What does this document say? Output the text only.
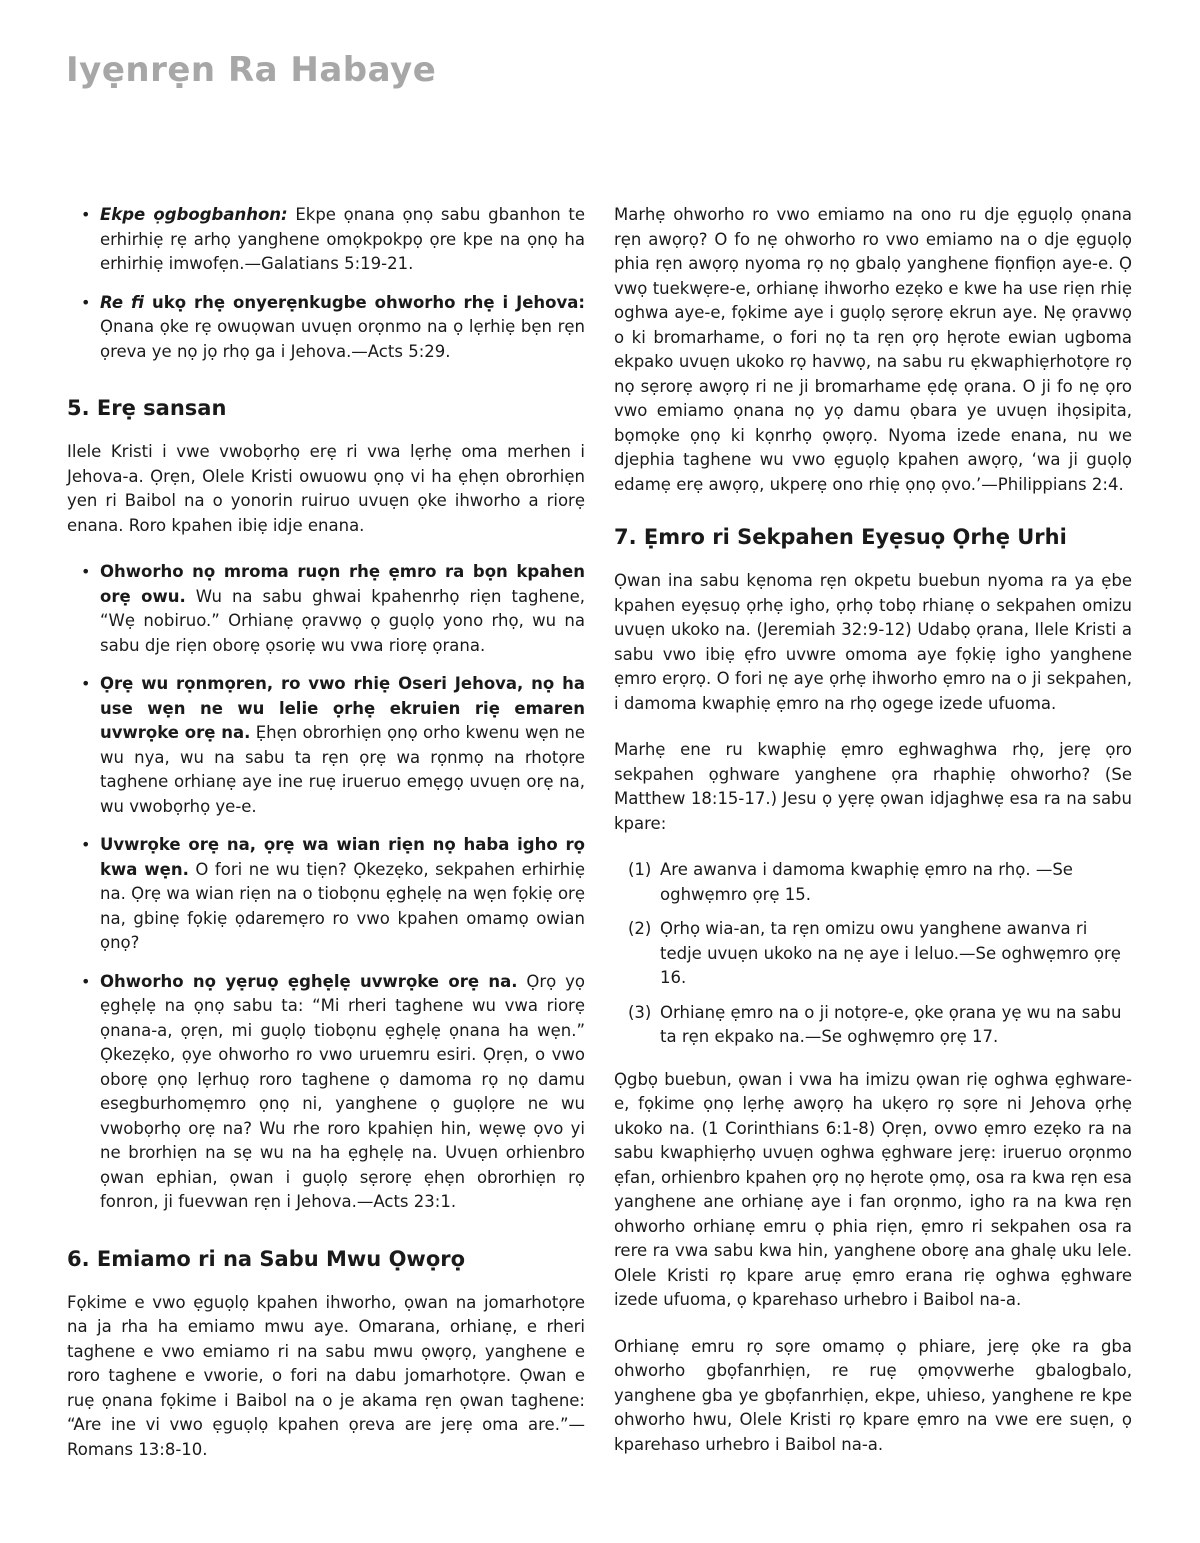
Iyẹnrẹn Ra Habaye
• Ekpe ọgbogbanhon: Ekpe ọnana ọnọ sabu gbanhon te erhirhiẹ rẹ arhọ yanghene omọkpokpọ ọre kpe na ọnọ ha erhirhiẹ imwofẹn.—Galatians 5:19-21.
• Re fi ukọ rhẹ onyerẹnkugbe ohworho rhẹ i Jehova: Ọnana ọke rẹ owuọwan uvuẹn orọnmo na ọ lẹrhiẹ bẹn rẹn ọreva ye nọ jọ rhọ ga i Jehova.—Acts 5:29.
5. Erẹ sansan

Ilele Kristi i vwe vwobọrhọ erẹ ri vwa lẹrhẹ oma merhen i Jehova-a. Ọrẹn, Olele Kristi owuowu ọnọ vi ha ẹhẹn obrorhiẹn yen ri Baibol na o yonorin ruiruo uvuẹn ọke ihworho a riorẹ enana. Roro kpahen ibiẹ idje enana.

• Ohworho nọ mroma ruọn rhẹ ẹmro ra bọn kpahen orẹ owu. Wu na sabu ghwai kpahenrhọ riẹn taghene, “Wẹ nobiruo.” Orhianẹ ọravwọ ọ guọlọ yono rhọ, wu na sabu dje riẹn oborẹ ọsoriẹ wu vwa riorẹ ọrana.
• Ọrẹ wu rọnmọren, ro vwo rhiẹ Oseri Jehova, nọ ha use wẹn ne wu lelie ọrhẹ ekruien riẹ emaren uvwrọke orẹ na. Ẹhẹn obrorhiẹn ọnọ orho kwenu wẹn ne wu nya, wu na sabu ta rẹn ọrẹ wa rọnmọ na rhotọre taghene orhianẹ aye ine ruẹ irueruo emẹgọ uvuẹn orẹ na, wu vwobọrhọ ye-e.
• Uvwrọke orẹ na, ọrẹ wa wian riẹn nọ haba igho rọ kwa wẹn. O fori ne wu tiẹn? Ọkezẹko, sekpahen erhirhiẹ na. Ọrẹ wa wian riẹn na o tiobọnu ẹghẹlẹ na wẹn fọkiẹ orẹ na, gbinẹ fọkiẹ ọdaremẹro ro vwo kpahen omamọ owian ọnọ?
• Ohworho nọ yẹruọ ẹghẹlẹ uvwrọke orẹ na. Ọrọ yọ ẹghẹlẹ na ọnọ sabu ta: “Mi rheri taghene wu vwa riorẹ ọnana-a, ọrẹn, mi guọlọ tiobọnu ẹghẹlẹ ọnana ha wẹn.” Ọkezẹko, ọye ohworho ro vwo uruemru esiri. Ọrẹn, o vwo oborẹ ọnọ lẹrhuọ roro taghene ọ damoma rọ nọ damu esegburhomẹmro ọnọ ni, yanghene ọ guọlọre ne wu vwobọrhọ orẹ na? Wu rhe roro kpahiẹn hin, wẹwẹ ọvo yi ne brorhiẹn na sẹ wu na ha ẹghẹlẹ na. Uvuẹn orhienbro ọwan ephian, ọwan i guọlọ sẹrorẹ ẹhẹn obrorhiẹn rọ fonron, ji fuevwan rẹn i Jehova.—Acts 23:1.
6. Emiamo ri na Sabu Mwu Ọwọrọ

Fọkime e vwo ẹguọlọ kpahen ihworho, ọwan na jomarhotọre na ja rha ha emiamo mwu aye. Omarana, orhianẹ, e rheri taghene e vwo emiamo ri na sabu mwu ọwọrọ, yanghene e roro taghene e vworie, o fori na dabu jomarhotọre. Ọwan e ruẹ ọnana fọkime i Baibol na o je akama rẹn ọwan taghene: “Are ine vi vwo ẹguọlọ kpahen ọreva are jerẹ oma are.”—Romans 13:8-10.

Marhẹ ohworho ro vwo emiamo na ono ru dje ẹguọlọ ọnana rẹn awọrọ? O fo nẹ ohworho ro vwo emiamo na o dje ẹguọlọ phia rẹn awọrọ nyoma rọ nọ gbalọ yanghene fiọnfiọn aye-e. Ọ vwọ tuekwẹre-e, orhianẹ ihworho ezẹko e kwe ha use riẹn rhiẹ oghwa aye-e, fọkime aye i guọlọ sẹrorẹ ekrun aye. Nẹ ọravwọ o ki bromarhame, o fori nọ ta rẹn ọrọ hẹrote ewian ugboma ekpako uvuẹn ukoko rọ havwọ, na sabu ru ẹkwaphiẹrhotọre rọ nọ sẹrorẹ awọrọ ri ne ji bromarhame ẹdẹ ọrana. O ji fo nẹ ọro vwo emiamo ọnana nọ yọ damu ọbara ye uvuẹn ihọsipita, bọmọke ọnọ ki kọnrhọ ọwọrọ. Nyoma izede enana, nu we djephia taghene wu vwo ẹguọlọ kpahen awọrọ, ‘wa ji guọlọ edamẹ erẹ awọrọ, ukperẹ ono rhiẹ ọnọ ọvo.’—Philippians 2:4.

7. Ẹmro ri Sekpahen Eyẹsuọ Ọrhẹ Urhi

Ọwan ina sabu kẹnoma rẹn okpetu buebun nyoma ra ya ẹbe kpahen eyẹsuọ ọrhẹ igho, ọrhọ tobọ rhianẹ o sekpahen omizu uvuẹn ukoko na. (Jeremiah 32:9-12) Udabọ ọrana, Ilele Kristi a sabu vwo ibiẹ ẹfro uvwre omoma aye fọkiẹ igho yanghene ẹmro erọrọ. O fori nẹ aye ọrhẹ ihworho ẹmro na o ji sekpahen, i damoma kwaphiẹ ẹmro na rhọ ogege izede ufuoma.

Marhẹ ene ru kwaphiẹ ẹmro eghwaghwa rhọ, jerẹ ọro sekpahen ọghware yanghene ọra rhaphiẹ ohworho? (Se Matthew 18:15-17.) Jesu ọ yẹrẹ ọwan idjaghwẹ esa ra na sabu kpare:

(1) Are awanva i damoma kwaphiẹ ẹmro na rhọ. —Se oghwẹmro ọrẹ 15.
(2) Ọrhọ wia-an, ta rẹn omizu owu yanghene awanva ri tedje uvuẹn ukoko na nẹ aye i leluo.—Se oghwẹmro ọrẹ 16.
(3) Orhianẹ ẹmro na o ji notọre-e, ọke ọrana yẹ wu na sabu ta rẹn ekpako na.—Se oghwẹmro ọrẹ 17.

Ọgbọ buebun, ọwan i vwa ha imizu ọwan riẹ oghwa ẹghware-e, fọkime ọnọ lẹrhẹ awọrọ ha ukẹro rọ sọre ni Jehova ọrhẹ ukoko na. (1 Corinthians 6:1-8) Ọrẹn, ovwo ẹmro ezẹko ra na sabu kwaphiẹrhọ uvuẹn oghwa ẹghware jerẹ: irueruo orọnmo ẹfan, orhienbro kpahen ọrọ nọ hẹrote ọmọ, osa ra kwa rẹn esa yanghene ane orhianẹ aye i fan orọnmo, igho ra na kwa rẹn ohworho orhianẹ emru ọ phia riẹn, ẹmro ri sekpahen osa ra rere ra vwa sabu kwa hin, yanghene oborẹ ana ghalẹ uku lele. Olele Kristi rọ kpare aruẹ ẹmro erana riẹ oghwa ẹghware izede ufuoma, ọ kparehaso urhebro i Baibol na-a.

Orhianẹ emru rọ sọre omamọ ọ phiare, jerẹ ọke ra gba ohworho gbọfanrhiẹn, re ruẹ ọmọvwerhe gbalogbalo, yanghene gba ye gbọfanrhiẹn, ekpe, uhieso, yanghene re kpe ohworho hwu, Olele Kristi rọ kpare ẹmro na vwe ere suẹn, ọ kparehaso urhebro i Baibol na-a.
